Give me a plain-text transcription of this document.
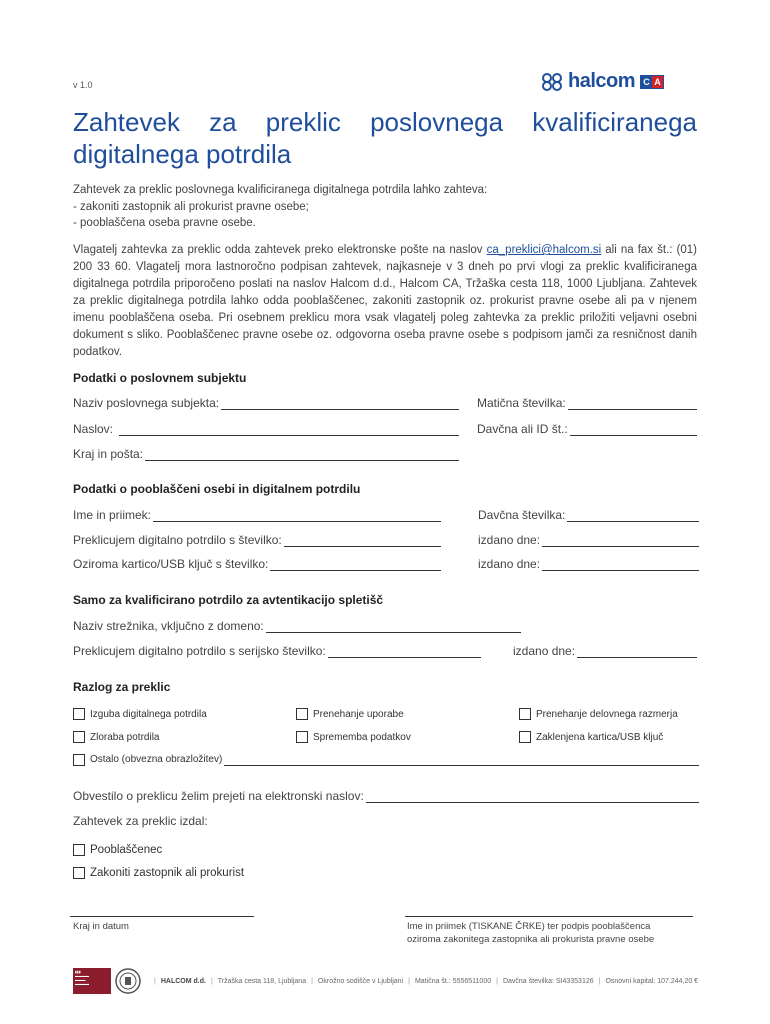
v 1.0	halcom C A
Zahtevek za preklic poslovnega kvalificiranega
digitalnega potrdila

Zahtevek za preklic poslovnega kvalificiranega digitalnega potrdila lahko zahteva:

- zakoniti zastopnik ali prokurist pravne osebe;

- pooblaščena oseba pravne osebe.

Vlagatelj zahtevka za preklic odda zahtevek preko elektronske pošte na naslov ca_preklici@halcom.si ali na fax št.: (01) 200 33 60. Vlagatelj mora lastnoročno podpisan zahtevek, najkasneje v 3 dneh po prvi vlogi za preklic kvalificiranega digitalnega potrdila priporočeno poslati na naslov Halcom d.d., Halcom CA, Tržaška cesta 118, 1000 Ljubljana. Zahtevek za preklic digitalnega potrdila lahko odda pooblaščenec, zakoniti zastopnik oz. prokurist pravne osebe ali pa v njenem imenu pooblaščena oseba. Pri osebnem preklicu mora vsak vlagatelj poleg zahtevka za preklic priložiti veljavni osebni dokument s sliko. Pooblaščenec pravne osebe oz. odgovorna oseba pravne osebe s podpisom jamči za resničnost danih podatkov.

Podatki o poslovnem subjektu
Naziv poslovnega subjekta:	Matična številka:
Naslov:	Davčna ali ID št.:
Kraj in pošta:
Podatki o pooblaščeni osebi in digitalnem potrdilu
Ime in priimek:	Davčna številka:
Preklicujem digitalno potrdilo s številko:	izdano dne:
Oziroma kartico/USB ključ s številko:	izdano dne:
Samo za kvalificirano potrdilo za avtentikacijo spletišč
Naziv strežnika, vključno z domeno:
Preklicujem digitalno potrdilo s serijsko številko:	izdano dne:
Razlog za preklic
Izguba digitalnega potrdila	Prenehanje uporabe	Prenehanje delovnega razmerja
Zloraba potrdila	Sprememba podatkov	Zaklenjena kartica/USB ključ
Ostalo (obvezna obrazložitev)
Obvestilo o preklicu želim prejeti na elektronski naslov:
Zahtevek za preklic izdal:
Pooblaščenec
Zakoniti zastopnik ali prokurist
Kraj in datum	Ime in priimek (TISKANE ČRKE) ter podpis pooblaščenca
oziroma zakonitega zastopnika ali prokurista pravne osebe
▮▮▮
▬▬▬▬
▬▬▬
▬▬▬▬	| HALCOM d.d. | Tržaška cesta 118, Ljubljana | Okrožno sodišče v Ljubljani | Matična št.: 5556511000 | Davčna številka: SI43353126 | Osnovni kapital: 107.244,20 €
